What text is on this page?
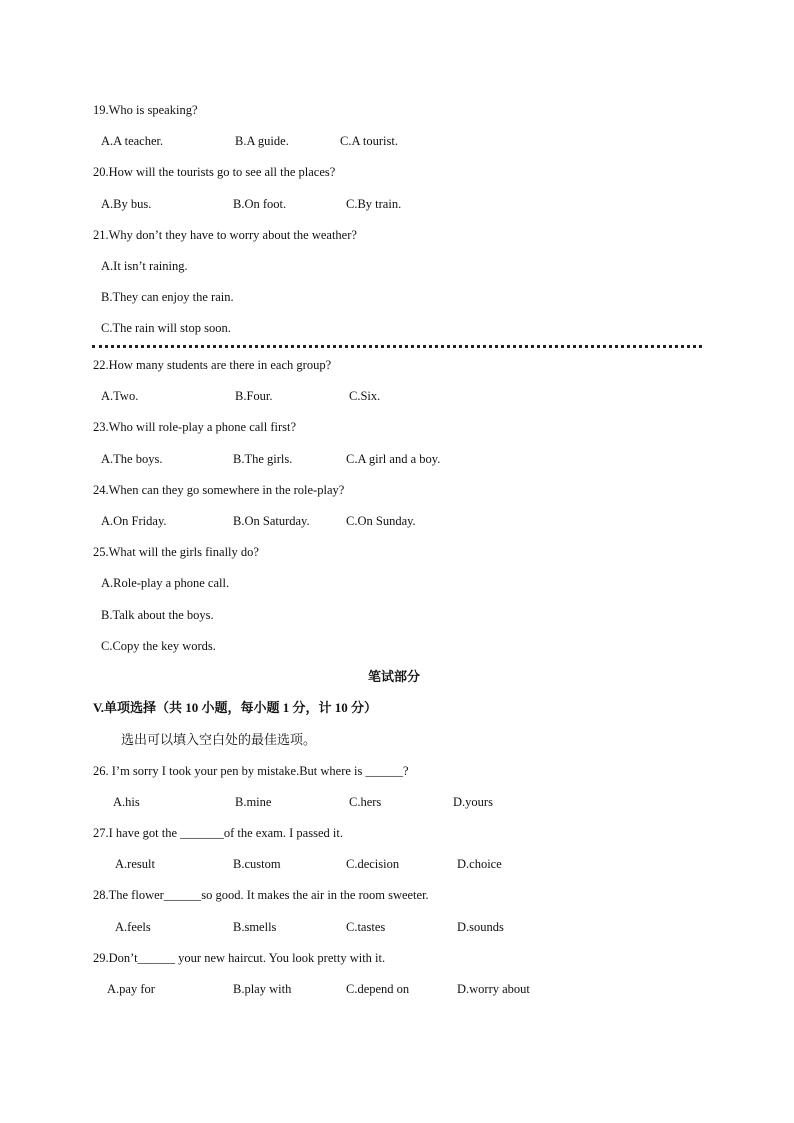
19.Who is speaking?
A.A teacher.	B.A guide.	C.A tourist.
20.How will the tourists go to see all the places?
A.By bus.	B.On foot.	C.By train.
21.Why don’t they have to worry about the weather?
A.It isn’t raining.
B.They can enjoy the rain.
C.The rain will stop soon.
22.How many students are there in each group?
A.Two.	B.Four.	C.Six.
23.Who will role-play a phone call first?
A.The boys.	B.The girls.	C.A girl and a boy.
24.When can they go somewhere in the role-play?
A.On Friday.	B.On Saturday.	C.On Sunday.
25.What will the girls finally do?
A.Role-play a phone call.
B.Talk about the boys.
C.Copy the key words.
笔试部分
V.单项选择（共 10 小题，每小题 1 分，计 10 分）
选出可以填入空白处的最佳选项。
26. I’m sorry I took your pen by mistake.But where is ______?
A.his	B.mine	C.hers	D.yours
27.I have got the _______of the exam. I passed it.
A.result	B.custom	C.decision	D.choice
28.The flower______so good. It makes the air in the room sweeter.
A.feels	B.smells	C.tastes	D.sounds
29.Don’t______ your new haircut. You look pretty with it.
A.pay for	B.play with	C.depend on	D.worry about
